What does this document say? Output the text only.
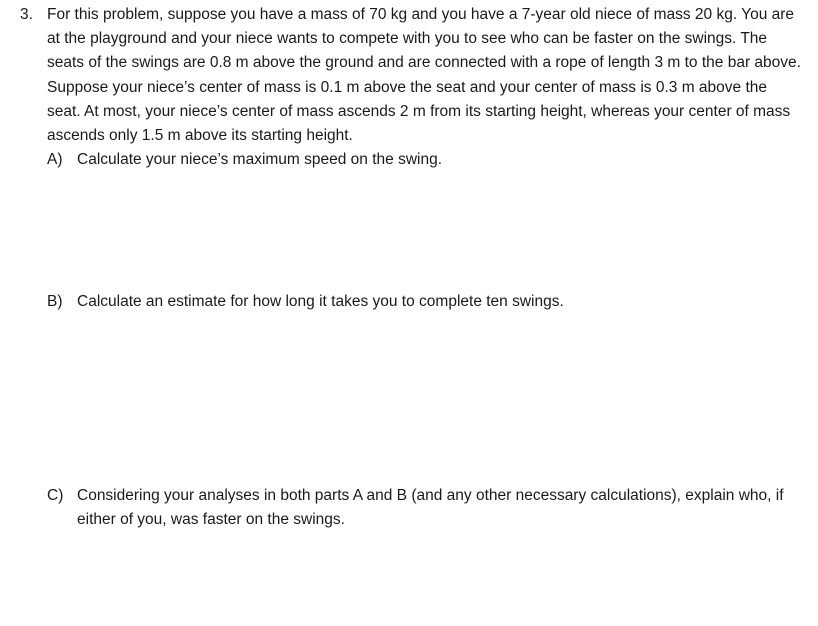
3. For this problem, suppose you have a mass of 70 kg and you have a 7-year old niece of mass 20 kg. You are at the playground and your niece wants to compete with you to see who can be faster on the swings. The seats of the swings are 0.8 m above the ground and are connected with a rope of length 3 m to the bar above. Suppose your niece’s center of mass is 0.1 m above the seat and your center of mass is 0.3 m above the seat. At most, your niece’s center of mass ascends 2 m from its starting height, whereas your center of mass ascends only 1.5 m above its starting height.

A) Calculate your niece’s maximum speed on the swing.

B) Calculate an estimate for how long it takes you to complete ten swings.

C) Considering your analyses in both parts A and B (and any other necessary calculations), explain who, if either of you, was faster on the swings.
